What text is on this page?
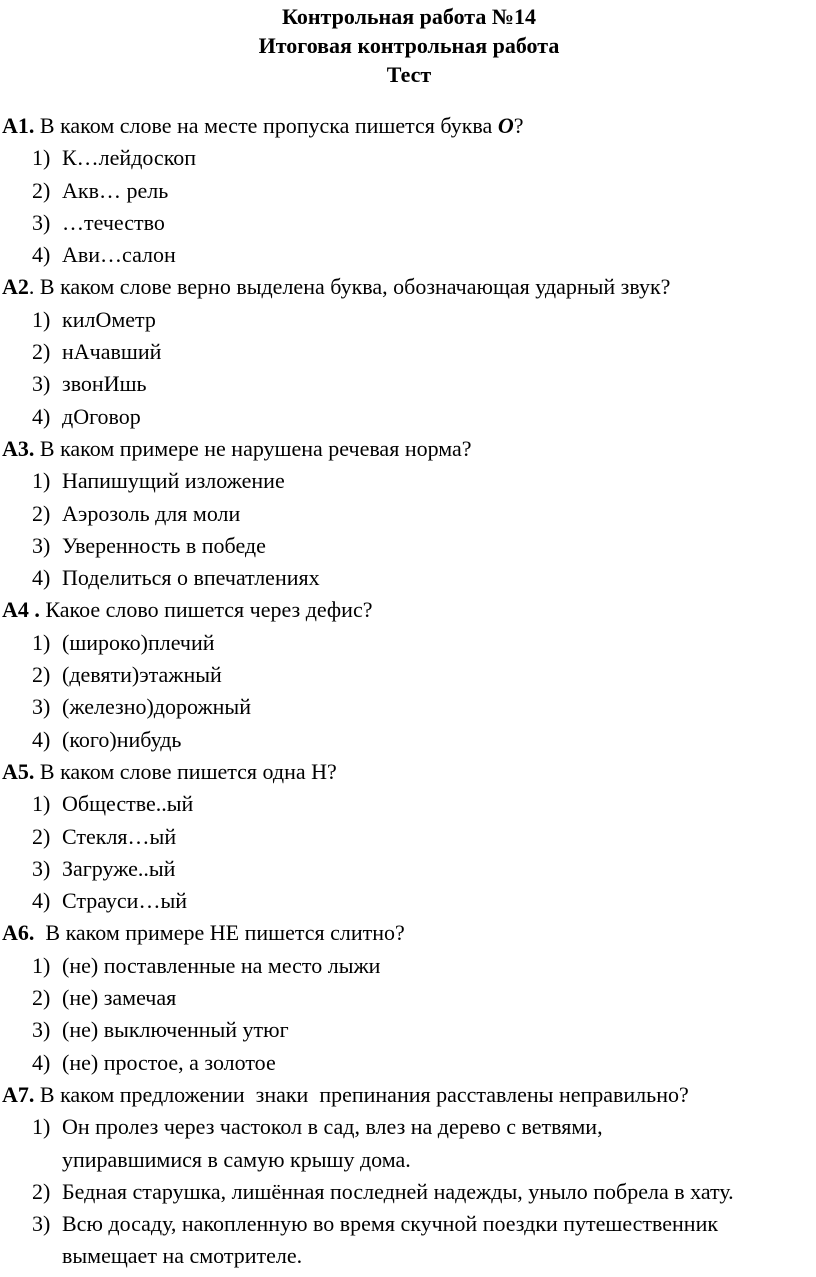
Контрольная работа №14
Итоговая контрольная работа
Тест
А1. В каком слове на месте пропуска пишется буква О?
1) К…лейдоскоп
2) Акв… рель
3) …течество
4) Ави…салон
А2. В каком слове верно выделена буква, обозначающая ударный звук?
1) килОметр
2) нАчавший
3) звонИшь
4) дОговор
А3. В каком примере не нарушена речевая норма?
1) Напишущий изложение
2) Аэрозоль для моли
3) Уверенность в победе
4) Поделиться о впечатлениях
А4 . Какое слово пишется через дефис?
1) (широко)плечий
2) (девяти)этажный
3) (железно)дорожный
4) (кого)нибудь
А5. В каком слове пишется одна Н?
1) Обществе..ый
2) Стекля…ый
3) Загруже..ый
4) Страуси…ый
А6.  В каком примере НЕ пишется слитно?
1) (не) поставленные на место лыжи
2) (не) замечая
3) (не) выключенный утюг
4) (не) простое, а золотое
А7. В каком предложении  знаки  препинания расставлены неправильно?
1) Он пролез через частокол в сад, влез на дерево с ветвями, упиравшимися в самую крышу дома.
2) Бедная старушка, лишённая последней надежды, уныло побрела в хату.
3) Всю досаду, накопленную во время скучной поездки путешественник вымещает на смотрителе.
